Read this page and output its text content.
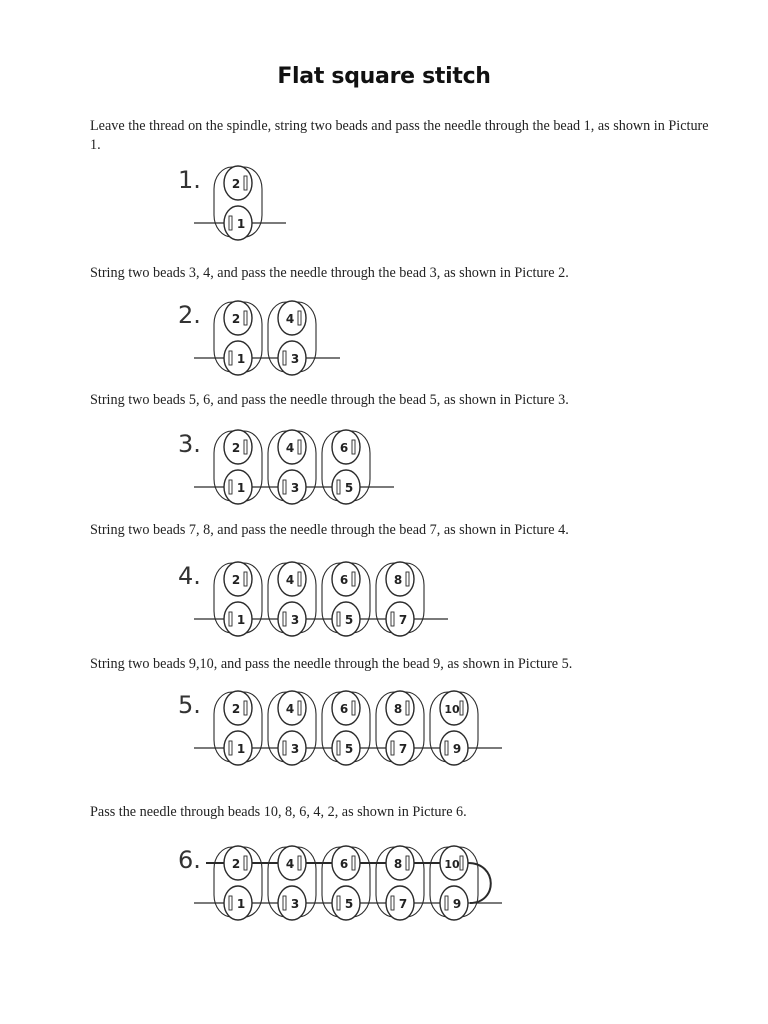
Flat square stitch

Leave the thread on the spindle, string two beads and pass the needle through the bead 1, as shown in Picture 1.

1.	2
1

String two beads 3, 4, and pass the needle through the bead 3, as shown in Picture 2.

2.	2
1
4
3

String two beads 5, 6, and pass the needle through the bead 5, as shown in Picture 3.

3.	2
1
4
3
6
5

String two beads 7, 8, and pass the needle through the bead 7, as shown in Picture 4.

4.	2
1
4
3
6
5
8
7

String two beads 9,10, and pass the needle through the bead 9, as shown in Picture 5.

5.	2
1
4
3
6
5
8
7
10
9

Pass the needle through beads 10, 8, 6, 4, 2, as shown in Picture 6.

6.	2
1
4
3
6
5
8
7
10
9
